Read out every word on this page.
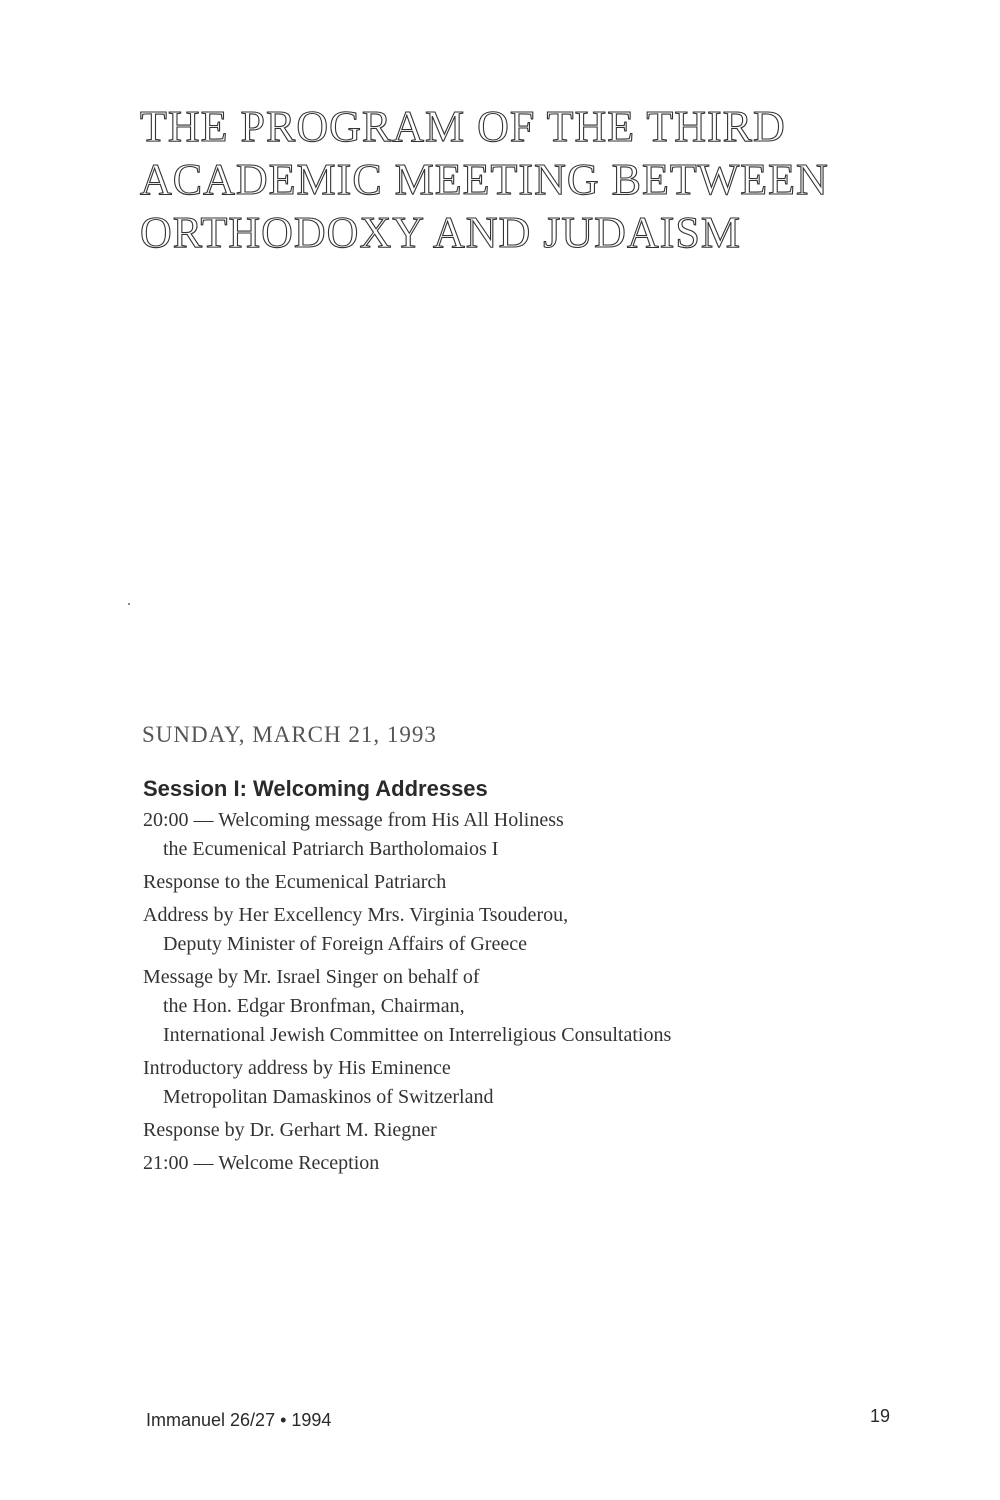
THE PROGRAM OF THE THIRD
ACADEMIC MEETING BETWEEN
ORTHODOXY AND JUDAISM
SUNDAY, MARCH 21, 1993
Session I: Welcoming Addresses
20:00 — Welcoming message from His All Holiness
the Ecumenical Patriarch Bartholomaios I
Response to the Ecumenical Patriarch
Address by Her Excellency Mrs. Virginia Tsouderou,
Deputy Minister of Foreign Affairs of Greece
Message by Mr. Israel Singer on behalf of
the Hon. Edgar Bronfman, Chairman,
International Jewish Committee on Interreligious Consultations
Introductory address by His Eminence
Metropolitan Damaskinos of Switzerland
Response by Dr. Gerhart M. Riegner
21:00 — Welcome Reception
Immanuel 26/27 • 1994	19
